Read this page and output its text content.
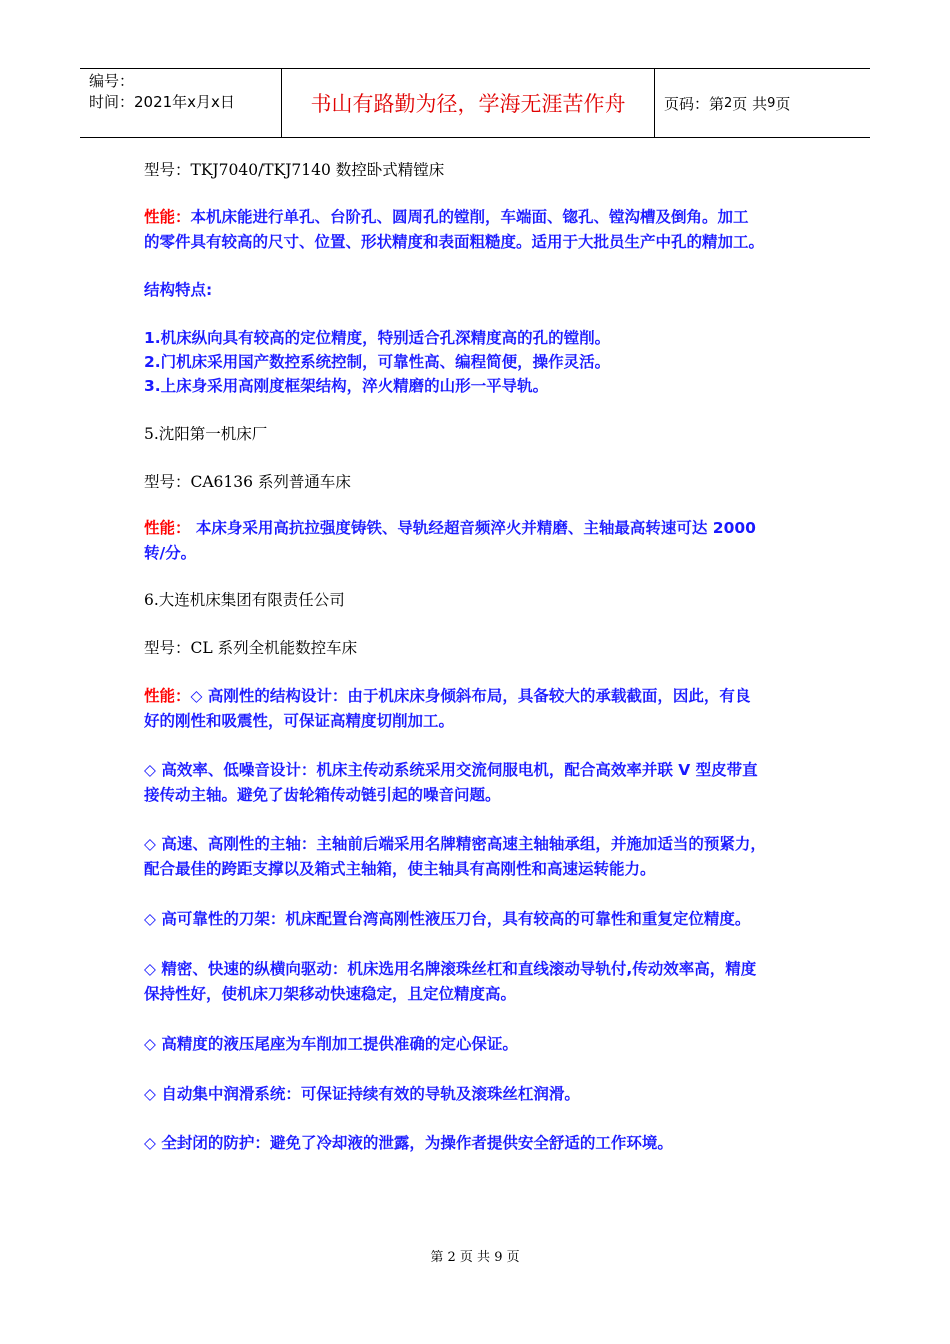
编号：
时间：2021年x月x日	书山有路勤为径，学海无涯苦作舟	页码：第 2 页 共 9 页
型号：TKJ7040/TKJ7140 数控卧式精镗床
性能：本机床能进行单孔、台阶孔、圆周孔的镗削，车端面、锪孔、镗沟槽及倒角。加工
的零件具有较高的尺寸、位置、形状精度和表面粗糙度。适用于大批员生产中孔的精加工。
结构特点:
1.机床纵向具有较高的定位精度，特别适合孔深精度高的孔的镗削。
2.门机床采用国产数控系统控制，可靠性高、编程简便，操作灵活。
3.上床身采用高刚度框架结构，淬火精磨的山形一平导轨。
5.沈阳第一机床厂
型号：CA6136 系列普通车床
性能： 本床身采用高抗拉强度铸铁、导轨经超音频淬火并精磨、主轴最高转速可达 2000
转/分。
6.大连机床集团有限责任公司
型号：CL 系列全机能数控车床
性能：◇ 高刚性的结构设计：由于机床床身倾斜布局，具备较大的承载截面，因此，有良
好的刚性和吸震性，可保证高精度切削加工。
◇ 高效率、低噪音设计：机床主传动系统采用交流伺服电机，配合高效率并联 V 型皮带直
接传动主轴。避免了齿轮箱传动链引起的噪音问题。
◇ 高速、高刚性的主轴：主轴前后端采用名牌精密高速主轴轴承组，并施加适当的预紧力，
配合最佳的跨距支撑以及箱式主轴箱，使主轴具有高刚性和高速运转能力。
◇ 高可靠性的刀架：机床配置台湾高刚性液压刀台，具有较高的可靠性和重复定位精度。
◇ 精密、快速的纵横向驱动：机床选用名牌滚珠丝杠和直线滚动导轨付,传动效率高，精度
保持性好，使机床刀架移动快速稳定，且定位精度高。
◇ 高精度的液压尾座为车削加工提供准确的定心保证。
◇ 自动集中润滑系统：可保证持续有效的导轨及滚珠丝杠润滑。
◇ 全封闭的防护：避免了冷却液的泄露，为操作者提供安全舒适的工作环境。
第 2 页 共 9 页
